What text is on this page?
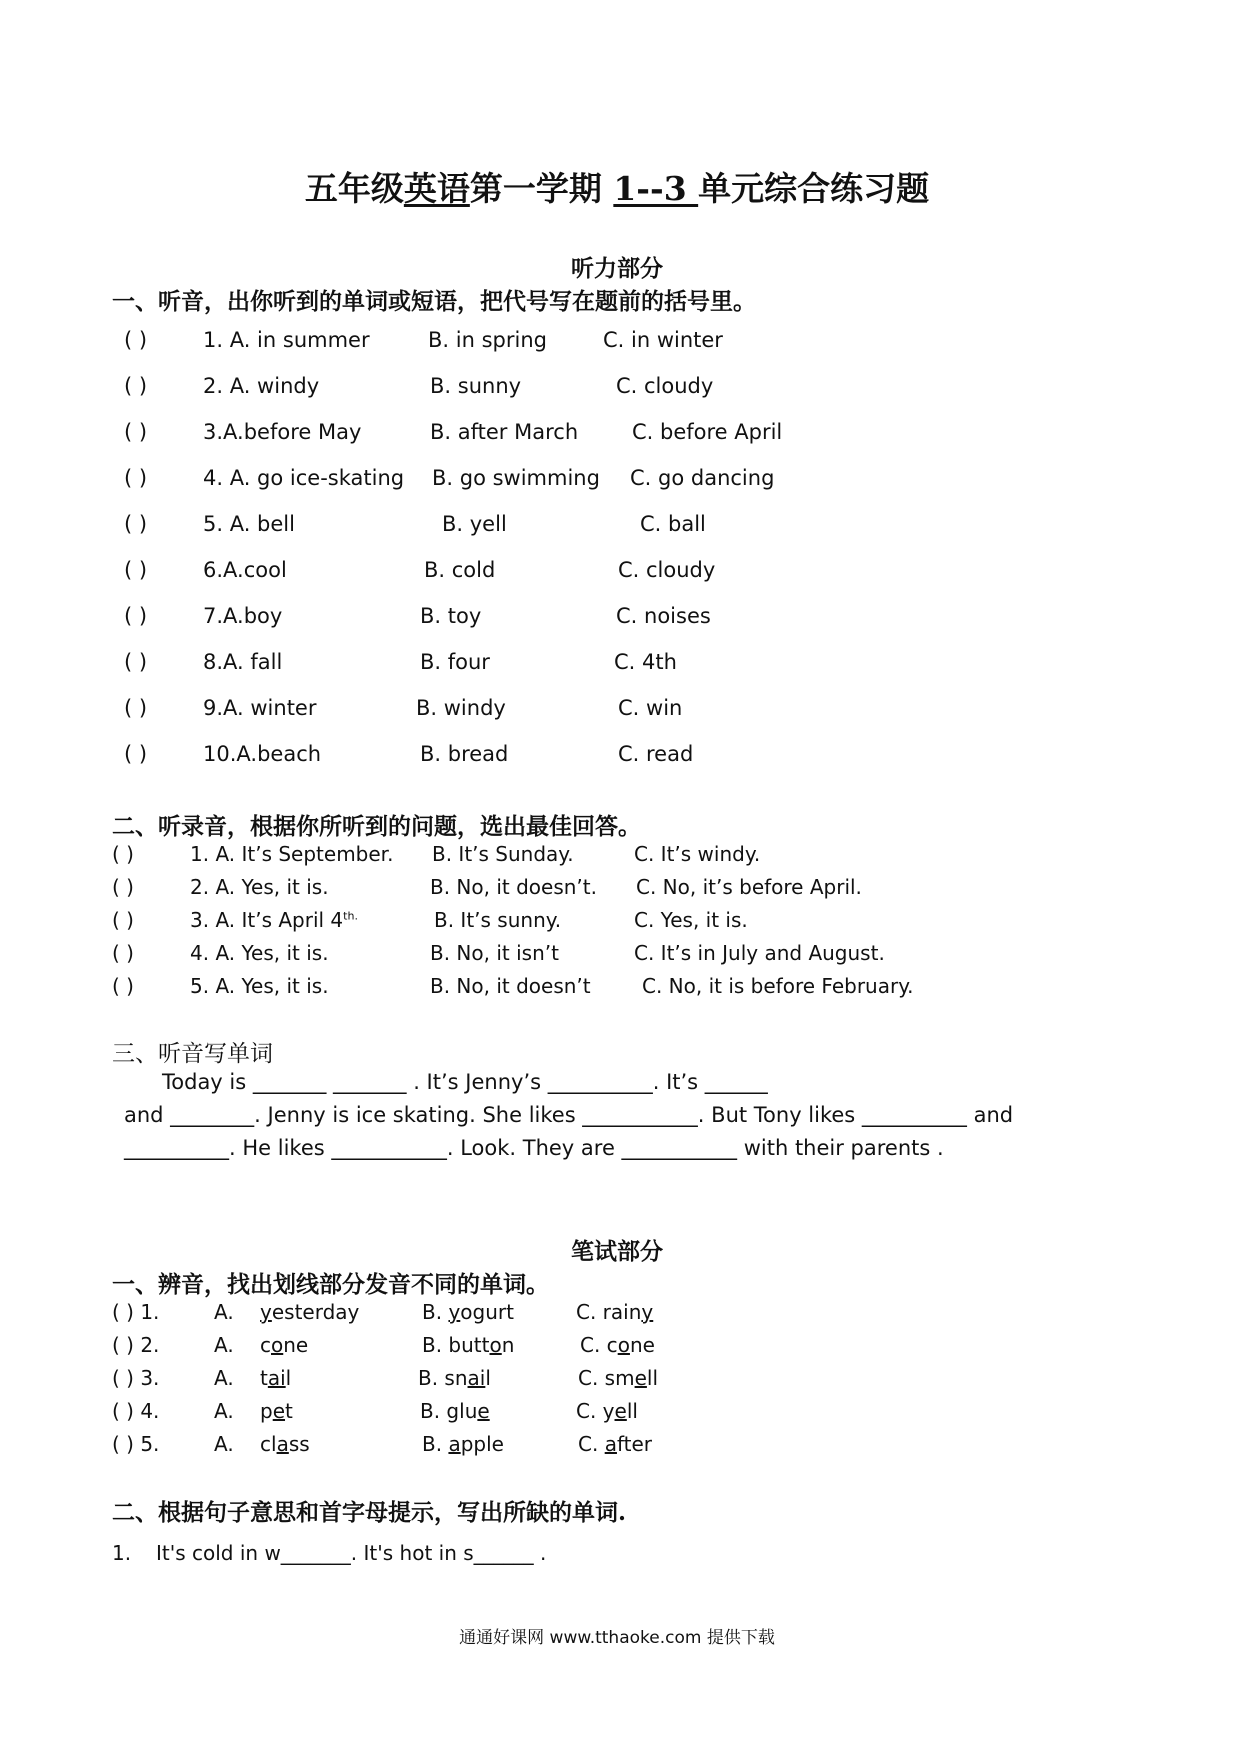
五年级英语第一学期 1--3 单元综合练习题
听力部分
一、听音，出你听到的单词或短语，把代号写在题前的括号里。
( )	1. A. in summer	B. in spring	C. in winter
( )	2. A. windy	B. sunny	C. cloudy
( )	3.A.before May	B. after March	C. before April
( )	4. A. go ice-skating B. go swimming C. go dancing
( )	5. A. bell	B. yell	C. ball
( )	6.A.cool	B. cold	C. cloudy
( )	7.A.boy	B. toy	C. noises
( )	8.A. fall	B. four	C. 4th
( )	9.A. winter	B. windy	C. win
( )	10.A.beach	B. bread	C. read
二、听录音，根据你所听到的问题，选出最佳回答。
( )	1. A. It’s September. B. It’s Sunday.	C. It’s windy.
( )	2. A. Yes, it is.	B. No, it doesn’t. C. No, it’s before April.
( )	3. A. It’s April $4^{th.}$	B. It’s sunny.	C. Yes, it is.
( )	4. A. Yes, it is.	B. No, it isn’t	C. It’s in July and August.
( )	5. A. Yes, it is.	B. No, it doesn’t	C. No, it is before February.
三、听音写单词

Today is _______ _______ . It’s Jenny’s __________. It’s ______

and ________. Jenny is ice skating. She likes ___________. But Tony likes __________ and

__________. He likes ___________. Look. They are ___________ with their parents .

笔试部分
一、辨音，找出划线部分发音不同的单词。
( ) 1.	A. yesterday	B. yogurt	C. rainy
( ) 2.	A. cone	B. button	C. cone
( ) 3.	A. tail	B. snail	C. smell
( ) 4.	A. pet	B. glue	C. yell
( ) 5.	A. class	B. apple	C. after
二、根据句子意思和首字母提示，写出所缺的单词.
1. It's cold in w_______. It's hot in s______ .
通通好课网 www.tthaoke.com 提供下载
